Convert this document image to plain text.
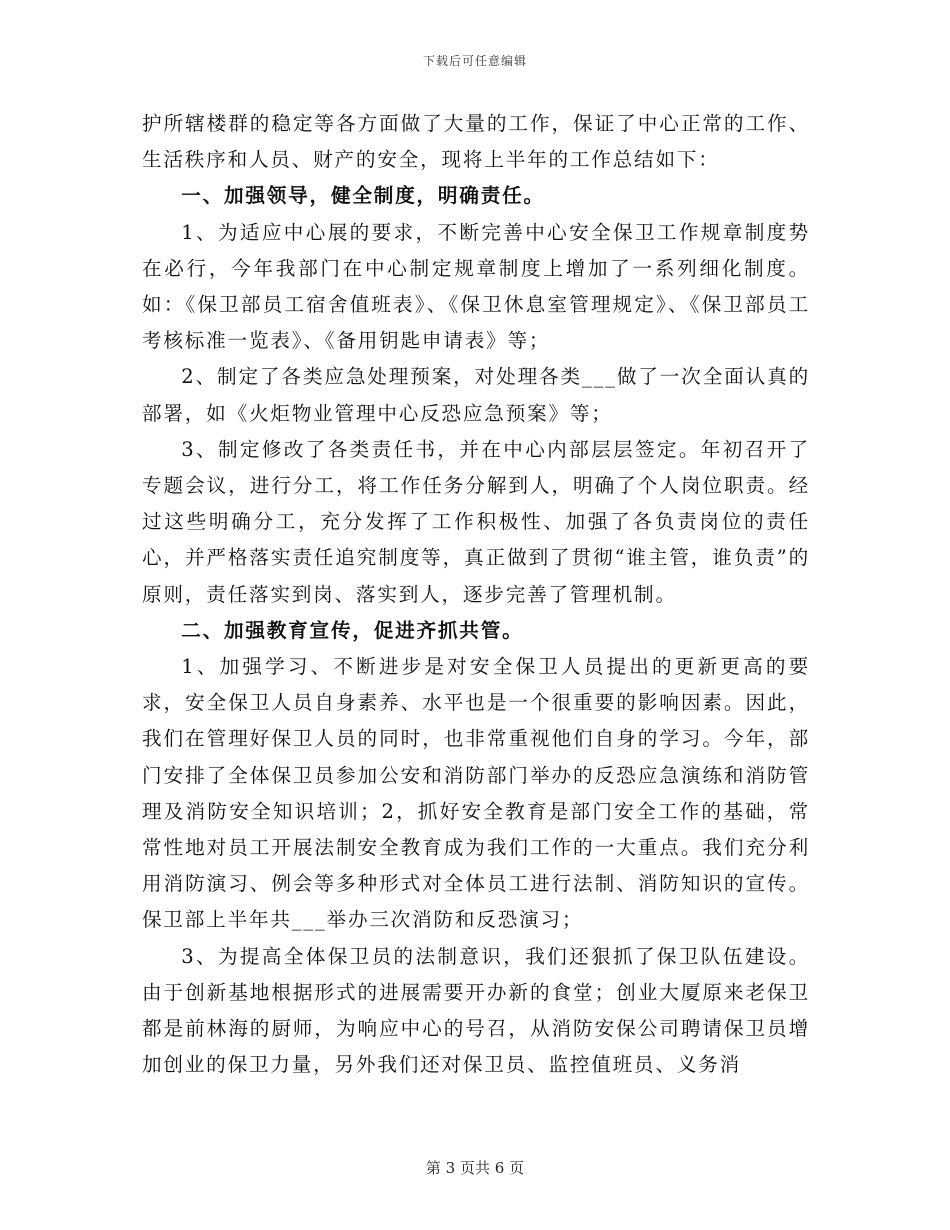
下载后可任意编辑

护所辖楼群的稳定等各方面做了大量的工作，保证了中心正常的工作、生活秩序和人员、财产的安全，现将上半年的工作总结如下：

一、加强领导，健全制度，明确责任。

1、为适应中心展的要求，不断完善中心安全保卫工作规章制度势在必行，今年我部门在中心制定规章制度上增加了一系列细化制度。如：《保卫部员工宿舍值班表》、《保卫休息室管理规定》、《保卫部员工考核标准一览表》、《备用钥匙申请表》等；

2、制定了各类应急处理预案，对处理各类___做了一次全面认真的部署，如《火炬物业管理中心反恐应急预案》等；

3、制定修改了各类责任书，并在中心内部层层签定。年初召开了专题会议，进行分工，将工作任务分解到人，明确了个人岗位职责。经过这些明确分工，充分发挥了工作积极性、加强了各负责岗位的责任心，并严格落实责任追究制度等，真正做到了贯彻“谁主管，谁负责”的原则，责任落实到岗、落实到人，逐步完善了管理机制。

二、加强教育宣传，促进齐抓共管。

1、加强学习、不断进步是对安全保卫人员提出的更新更高的要求，安全保卫人员自身素养、水平也是一个很重要的影响因素。因此，我们在管理好保卫人员的同时，也非常重视他们自身的学习。今年，部门安排了全体保卫员参加公安和消防部门举办的反恐应急演练和消防管理及消防安全知识培训；2，抓好安全教育是部门安全工作的基础，常常性地对员工开展法制安全教育成为我们工作的一大重点。我们充分利用消防演习、例会等多种形式对全体员工进行法制、消防知识的宣传。保卫部上半年共___举办三次消防和反恐演习；

3、为提高全体保卫员的法制意识，我们还狠抓了保卫队伍建设。由于创新基地根据形式的进展需要开办新的食堂；创业大厦原来老保卫都是前林海的厨师，为响应中心的号召，从消防安保公司聘请保卫员增加创业的保卫力量，另外我们还对保卫员、监控值班员、义务消

第 3 页共 6 页
